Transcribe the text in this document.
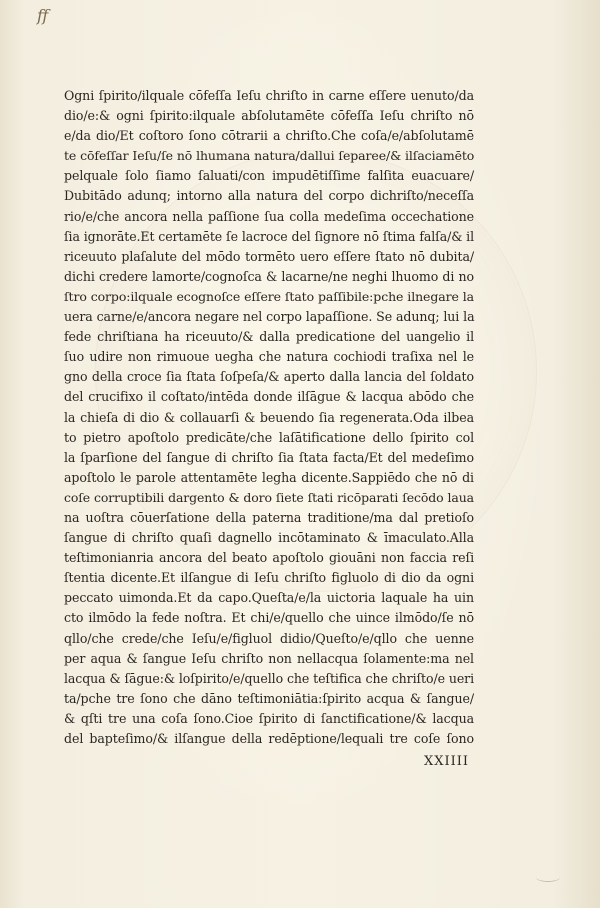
ff
Ogni ſpirito/ilquale cōfeſſa Ieſu chriſto in carne eſſere uenuto/da
dio/e:& ogni ſpirito:ilquale abſolutamēte cōfeſſa Ieſu chriſto nō
e/da dio/Et coſtoro ſono cōtrarii a chriſto.Che coſa/e/abſolutamē
te cōfeſſar Ieſu/ſe nō lhumana natura/dallui ſeparee/& ilſaciamēto
pelquale ſolo ſiamo ſaluati/con impudētiſſime falſita euacuare/
Dubitādo adunq; intorno alla natura del corpo dichriſto/neceſſa
rio/e/che ancora nella paſſione ſua colla medeſima occechatione
ſia ignorāte.Et certamēte ſe lacroce del ſignore nō ſtima falſa/& il
riceuuto plaſalute del mōdo tormēto uero eſſere ſtato nō dubita/
dichi credere lamorte/cognoſca & lacarne/ne neghi lhuomo di no
ſtro corpo:ilquale ecognoſce eſſere ſtato paſſibile:pche ilnegare la
uera carne/e/ancora negare nel corpo lapaſſione. Se adunq; lui la
fede chriſtiana ha riceuuto/& dalla predicatione del uangelio il
ſuo udire non rimuoue uegha che natura cochiodi traſixa nel le
gno della croce ſia ſtata ſoſpeſa/& aperto dalla lancia del ſoldato
del crucifixo il coſtato/intēda donde ilſāgue & lacqua abōdo che
la chieſa di dio & collauarſi & beuendo ſia regenerata.Oda ilbea
to pietro apoſtolo predicāte/che laſātificatione dello ſpirito col
la ſparſione del ſangue di chriſto ſia ſtata facta/Et del medeſimo
apoſtolo le parole attentamēte legha dicente.Sappiēdo che nō di
coſe corruptibili dargento & doro ſiete ſtati ricōparati ſecōdo laua
na uoſtra cōuerſatione della paterna traditione/ma dal pretioſo
ſangue di chriſto quaſi dagnello incōtaminato & īmaculato.Alla
teſtimonianria ancora del beato apoſtolo giouāni non faccia reſi
ſtentia dicente.Et ilſangue di Ieſu chriſto figluolo di dio da ogni
peccato uimonda.Et da capo.Queſta/e/la uictoria laquale ha uin
cto ilmōdo la fede noſtra. Et chi/e/quello che uince ilmōdo/ſe nō
qllo/che crede/che Ieſu/e/figluol didio/Queſto/e/qllo che uenne
per aqua & ſangue Ieſu chriſto non nellacqua ſolamente:ma nel
lacqua & ſāgue:& loſpirito/e/quello che teſtifica che chriſto/e ueri
ta/pche tre ſono che dāno teſtimoniātia:ſpirito acqua & ſangue/
& qſti tre una coſa ſono.Cioe ſpirito di ſanctificatione/& lacqua
del bapteſimo/& ilſangue della redēptione/lequali tre coſe ſono
XXIIII
